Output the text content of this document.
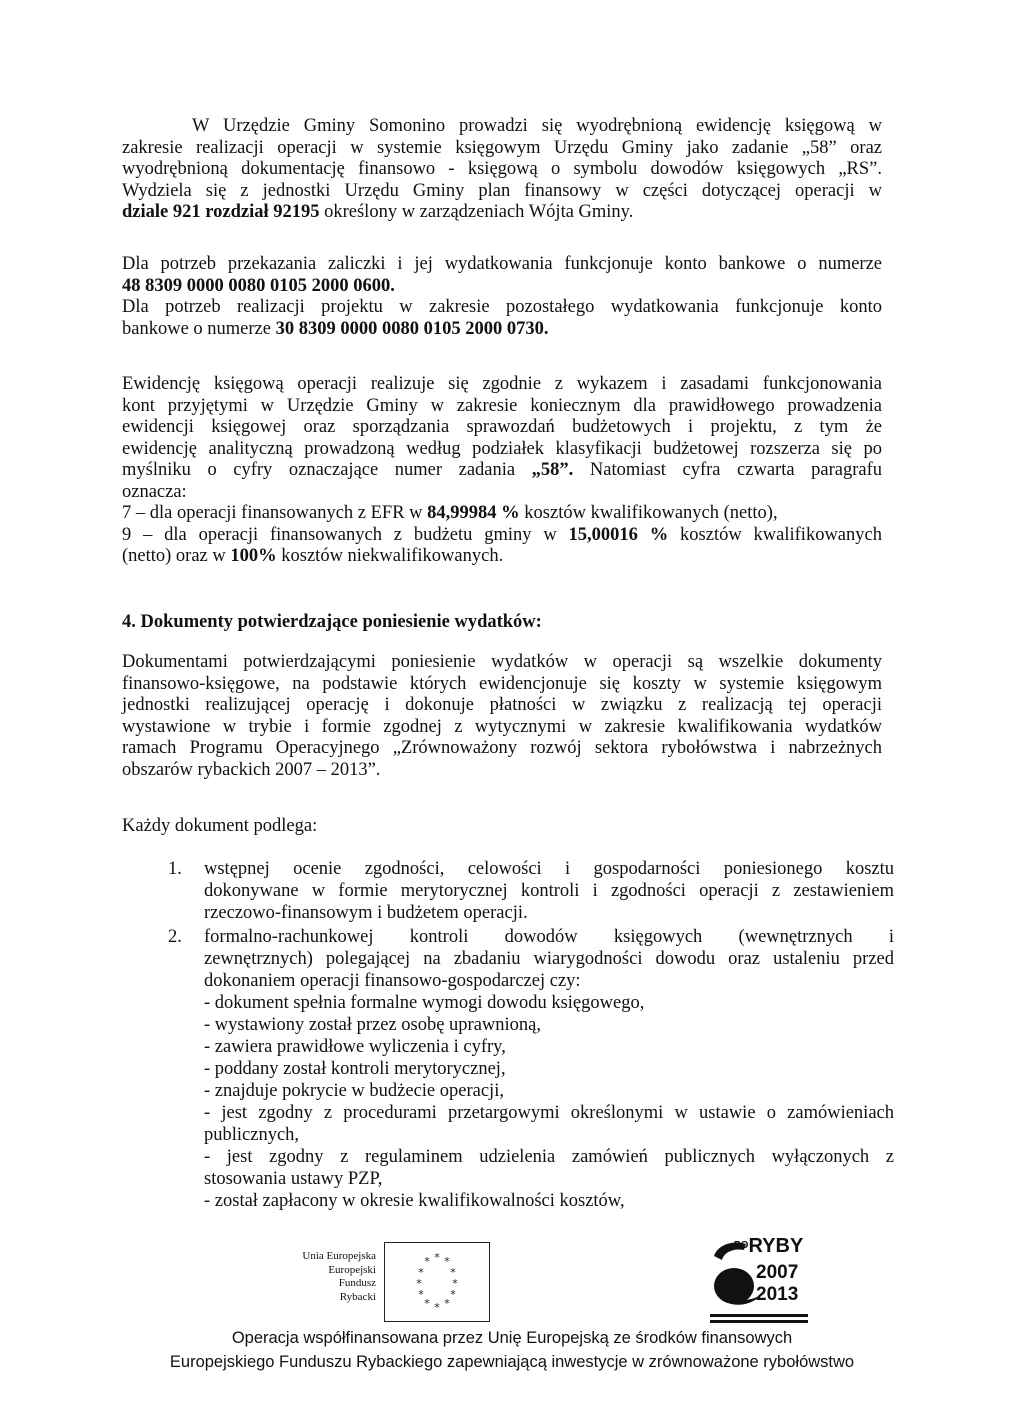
W Urzędzie Gminy Somonino prowadzi się wyodrębnioną ewidencję księgową w
zakresie realizacji operacji w systemie księgowym Urzędu Gminy jako zadanie „58” oraz
wyodrębnioną dokumentację finansowo - księgową o symbolu dowodów księgowych „RS”.
Wydziela się z jednostki Urzędu Gminy plan finansowy w części dotyczącej operacji w
dziale 921 rozdział 92195 określony w zarządzeniach Wójta Gminy.
Dla potrzeb przekazania zaliczki i jej wydatkowania funkcjonuje konto bankowe o numerze
48 8309 0000 0080 0105 2000 0600.
Dla potrzeb realizacji projektu w zakresie pozostałego wydatkowania funkcjonuje konto
bankowe o numerze 30 8309 0000 0080 0105 2000 0730.
Ewidencję księgową operacji realizuje się zgodnie z wykazem i zasadami funkcjonowania
kont przyjętymi w Urzędzie Gminy w zakresie koniecznym dla prawidłowego prowadzenia
ewidencji księgowej oraz sporządzania sprawozdań budżetowych i projektu, z tym że
ewidencję analityczną prowadzoną według podziałek klasyfikacji budżetowej rozszerza się po
myślniku o cyfry oznaczające numer zadania „58”. Natomiast cyfra czwarta paragrafu
oznacza:
7 – dla operacji finansowanych z EFR w 84,99984 % kosztów kwalifikowanych (netto),
9 – dla operacji finansowanych z budżetu gminy w 15,00016 % kosztów kwalifikowanych
(netto) oraz w 100% kosztów niekwalifikowanych.
4. Dokumenty potwierdzające poniesienie wydatków:
Dokumentami potwierdzającymi poniesienie wydatków w operacji są wszelkie dokumenty
finansowo-księgowe, na podstawie których ewidencjonuje się koszty w systemie księgowym
jednostki realizującej operację i dokonuje płatności w związku z realizacją tej operacji
wystawione w trybie i formie zgodnej z wytycznymi w zakresie kwalifikowania wydatków
ramach Programu Operacyjnego „Zrównoważony rozwój sektora rybołówstwa i nabrzeżnych
obszarów rybackich 2007 – 2013”.
Każdy dokument podlega:
1. wstępnej ocenie zgodności, celowości i gospodarności poniesionego kosztu
dokonywane w formie merytorycznej kontroli i zgodności operacji z zestawieniem
rzeczowo-finansowym i budżetem operacji.
2. formalno-rachunkowej kontroli dowodów księgowych (wewnętrznych i
zewnętrznych) polegającej na zbadaniu wiarygodności dowodu oraz ustaleniu przed
dokonaniem operacji finansowo-gospodarczej czy:
- dokument spełnia formalne wymogi dowodu księgowego,
- wystawiony został przez osobę uprawnioną,
- zawiera prawidłowe wyliczenia i cyfry,
- poddany został kontroli merytorycznej,
- znajduje pokrycie w budżecie operacji,
- jest zgodny z procedurami przetargowymi określonymi w ustawie o zamówieniach
publicznych,
- jest zgodny z regulaminem udzielenia zamówień publicznych wyłączonych z
stosowania ustawy PZP,
- został zapłacony w okresie kwalifikowalności kosztów,
Unia Europejska
Europejski
Fundusz
Rybacki
*
* *
* *
*	*
* *
* *
*
$^{PO}$RYBY
2007
2013
Operacja współfinansowana przez Unię Europejską ze środków finansowych
Europejskiego Funduszu Rybackiego zapewniającą inwestycje w zrównoważone rybołówstwo
